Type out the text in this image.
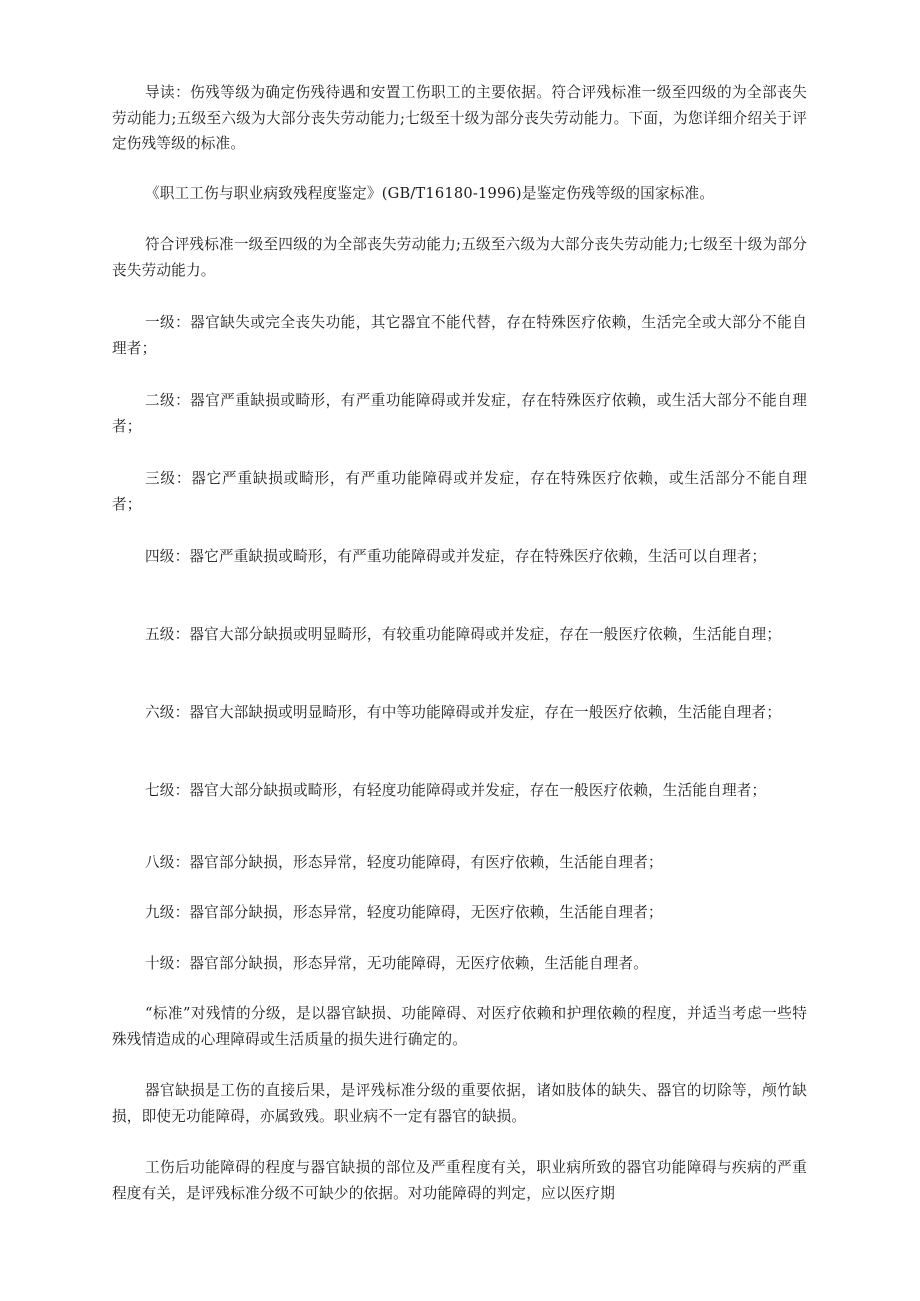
导读：伤残等级为确定伤残待遇和安置工伤职工的主要依据。符合评残标准一级至四级的为全部丧失劳动能力;五级至六级为大部分丧失劳动能力;七级至十级为部分丧失劳动能力。下面，为您详细介绍关于评定伤残等级的标准。

《职工工伤与职业病致残程度鉴定》(GB/T16180-1996)是鉴定伤残等级的国家标准。

符合评残标准一级至四级的为全部丧失劳动能力;五级至六级为大部分丧失劳动能力;七级至十级为部分丧失劳动能力。

一级：器官缺失或完全丧失功能，其它器宜不能代替，存在特殊医疗依赖，生活完全或大部分不能自理者；

二级：器官严重缺损或畸形，有严重功能障碍或并发症，存在特殊医疗依赖，或生活大部分不能自理者；

三级：器它严重缺损或畸形，有严重功能障碍或并发症，存在特殊医疗依赖，或生活部分不能自理者；

四级：器它严重缺损或畸形，有严重功能障碍或并发症，存在特殊医疗依赖，生活可以自理者；

五级：器官大部分缺损或明显畸形，有较重功能障碍或并发症，存在一般医疗依赖，生活能自理；

六级：器官大部缺损或明显畸形，有中等功能障碍或并发症，存在一般医疗依赖，生活能自理者；

七级：器官大部分缺损或畸形，有轻度功能障碍或并发症，存在一般医疗依赖，生活能自理者；

八级：器官部分缺损，形态异常，轻度功能障碍，有医疗依赖，生活能自理者；

九级：器官部分缺损，形态异常，轻度功能障碍，无医疗依赖，生活能自理者；

十级：器官部分缺损，形态异常，无功能障碍，无医疗依赖，生活能自理者。

“标准”对残情的分级，是以器官缺损、功能障碍、对医疗依赖和护理依赖的程度，并适当考虑一些特殊残情造成的心理障碍或生活质量的损失进行确定的。

器官缺损是工伤的直接后果，是评残标准分级的重要依据，诸如肢体的缺失、器官的切除等，颅竹缺损，即使无功能障碍，亦属致残。职业病不一定有器官的缺损。

工伤后功能障碍的程度与器官缺损的部位及严重程度有关，职业病所致的器官功能障碍与疾病的严重程度有关，是评残标准分级不可缺少的依据。对功能障碍的判定，应以医疗期
